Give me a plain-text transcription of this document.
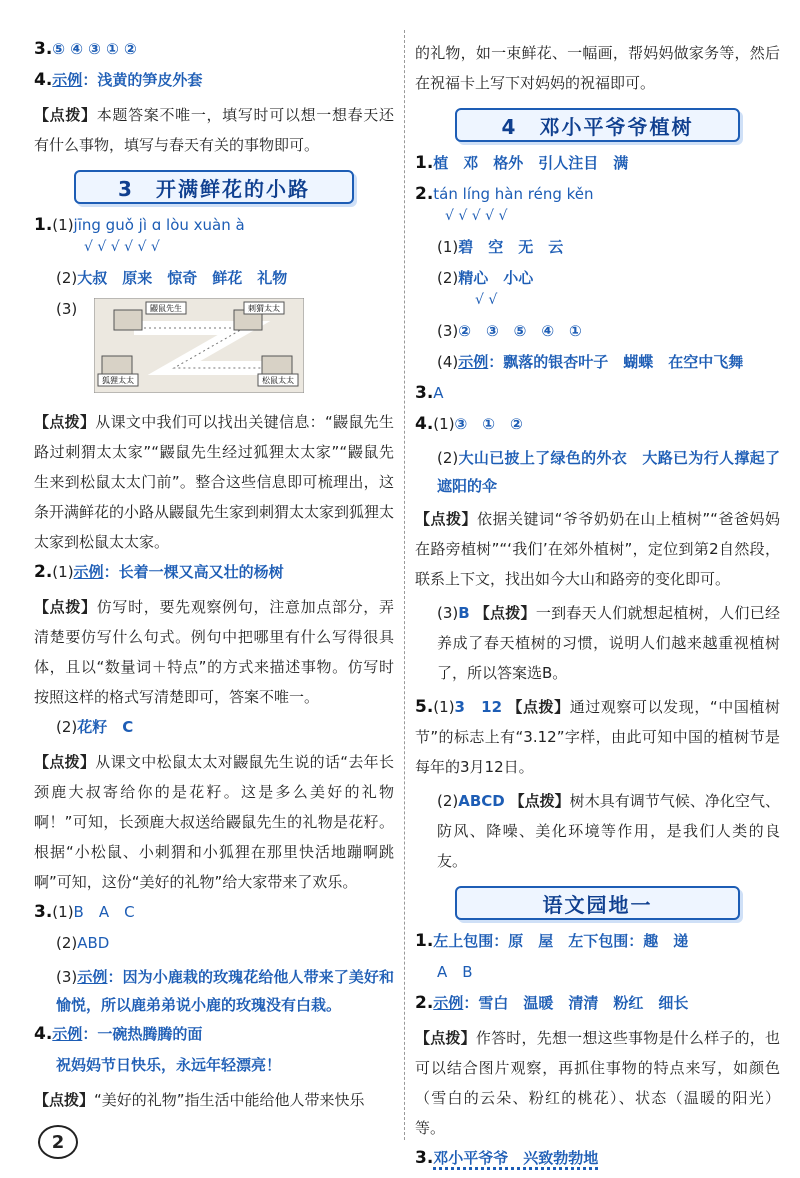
3.⑤ ④ ③ ① ②
4.示例：浅黄的笋皮外套
【点拨】本题答案不唯一，填写时可以想一想春天还有什么事物，填写与春天有关的事物即可。
3　开满鲜花的小路
1.(1)jīng guǒ jì ɑ lòu xuàn à
√ √ √ √ √ √
(2)大叔　原来　惊奇　鲜花　礼物
(3)	鼹鼠先生	刺猬太太
狐狸太太	松鼠太太
【点拨】从课文中我们可以找出关键信息：“鼹鼠先生路过刺猬太太家”“鼹鼠先生经过狐狸太太家”“鼹鼠先生来到松鼠太太门前”。整合这些信息即可梳理出，这条开满鲜花的小路从鼹鼠先生家到刺猬太太家到狐狸太太家到松鼠太太家。
2.(1)示例：长着一棵又高又壮的杨树
【点拨】仿写时，要先观察例句，注意加点部分，弄清楚要仿写什么句式。例句中把哪里有什么写得很具体，且以“数量词＋特点”的方式来描述事物。仿写时按照这样的格式写清楚即可，答案不唯一。
(2)花籽　C
【点拨】从课文中松鼠太太对鼹鼠先生说的话“去年长颈鹿大叔寄给你的是花籽。这是多么美好的礼物啊！”可知，长颈鹿大叔送给鼹鼠先生的礼物是花籽。根据“小松鼠、小刺猬和小狐狸在那里快活地蹦啊跳啊”可知，这份“美好的礼物”给大家带来了欢乐。
3.(1)B　A　C
(2)ABD
(3)示例：因为小鹿栽的玫瑰花给他人带来了美好和愉悦，所以鹿弟弟说小鹿的玫瑰没有白栽。
4.示例：一碗热腾腾的面
祝妈妈节日快乐，永远年轻漂亮！
【点拨】“美好的礼物”指生活中能给他人带来快乐
的礼物，如一束鲜花、一幅画，帮妈妈做家务等，然后在祝福卡上写下对妈妈的祝福即可。
4　邓小平爷爷植树
1.植　邓　格外　引人注目　满
2.tán líng hàn réng kěn
√ √ √ √ √
(1)碧　空　无　云
(2)精心　小心
√ √
(3)②　③　⑤　④　①
(4)示例：飘落的银杏叶子　蝴蝶　在空中飞舞
3.A
4.(1)③　①　②
(2)大山已披上了绿色的外衣　大路已为行人撑起了遮阳的伞
【点拨】依据关键词“爷爷奶奶在山上植树”“爸爸妈妈在路旁植树”“‘我们’在郊外植树”，定位到第2自然段，联系上下文，找出如今大山和路旁的变化即可。
(3)B 【点拨】一到春天人们就想起植树，人们已经养成了春天植树的习惯，说明人们越来越重视植树了，所以答案选B。
5.(1)3　12 【点拨】通过观察可以发现，“中国植树节”的标志上有“3.12”字样，由此可知中国的植树节是每年的3月12日。
(2)ABCD 【点拨】树木具有调节气候、净化空气、防风、降噪、美化环境等作用，是我们人类的良友。
语文园地一
1.左上包围：原　屋　左下包围：趣　递
A　B
2.示例：雪白　温暖　清清　粉红　细长
【点拨】作答时，先想一想这些事物是什么样子的，也可以结合图片观察，再抓住事物的特点来写，如颜色（雪白的云朵、粉红的桃花）、状态（温暖的阳光）等。
3.邓小平爷爷　兴致勃勃地
2
